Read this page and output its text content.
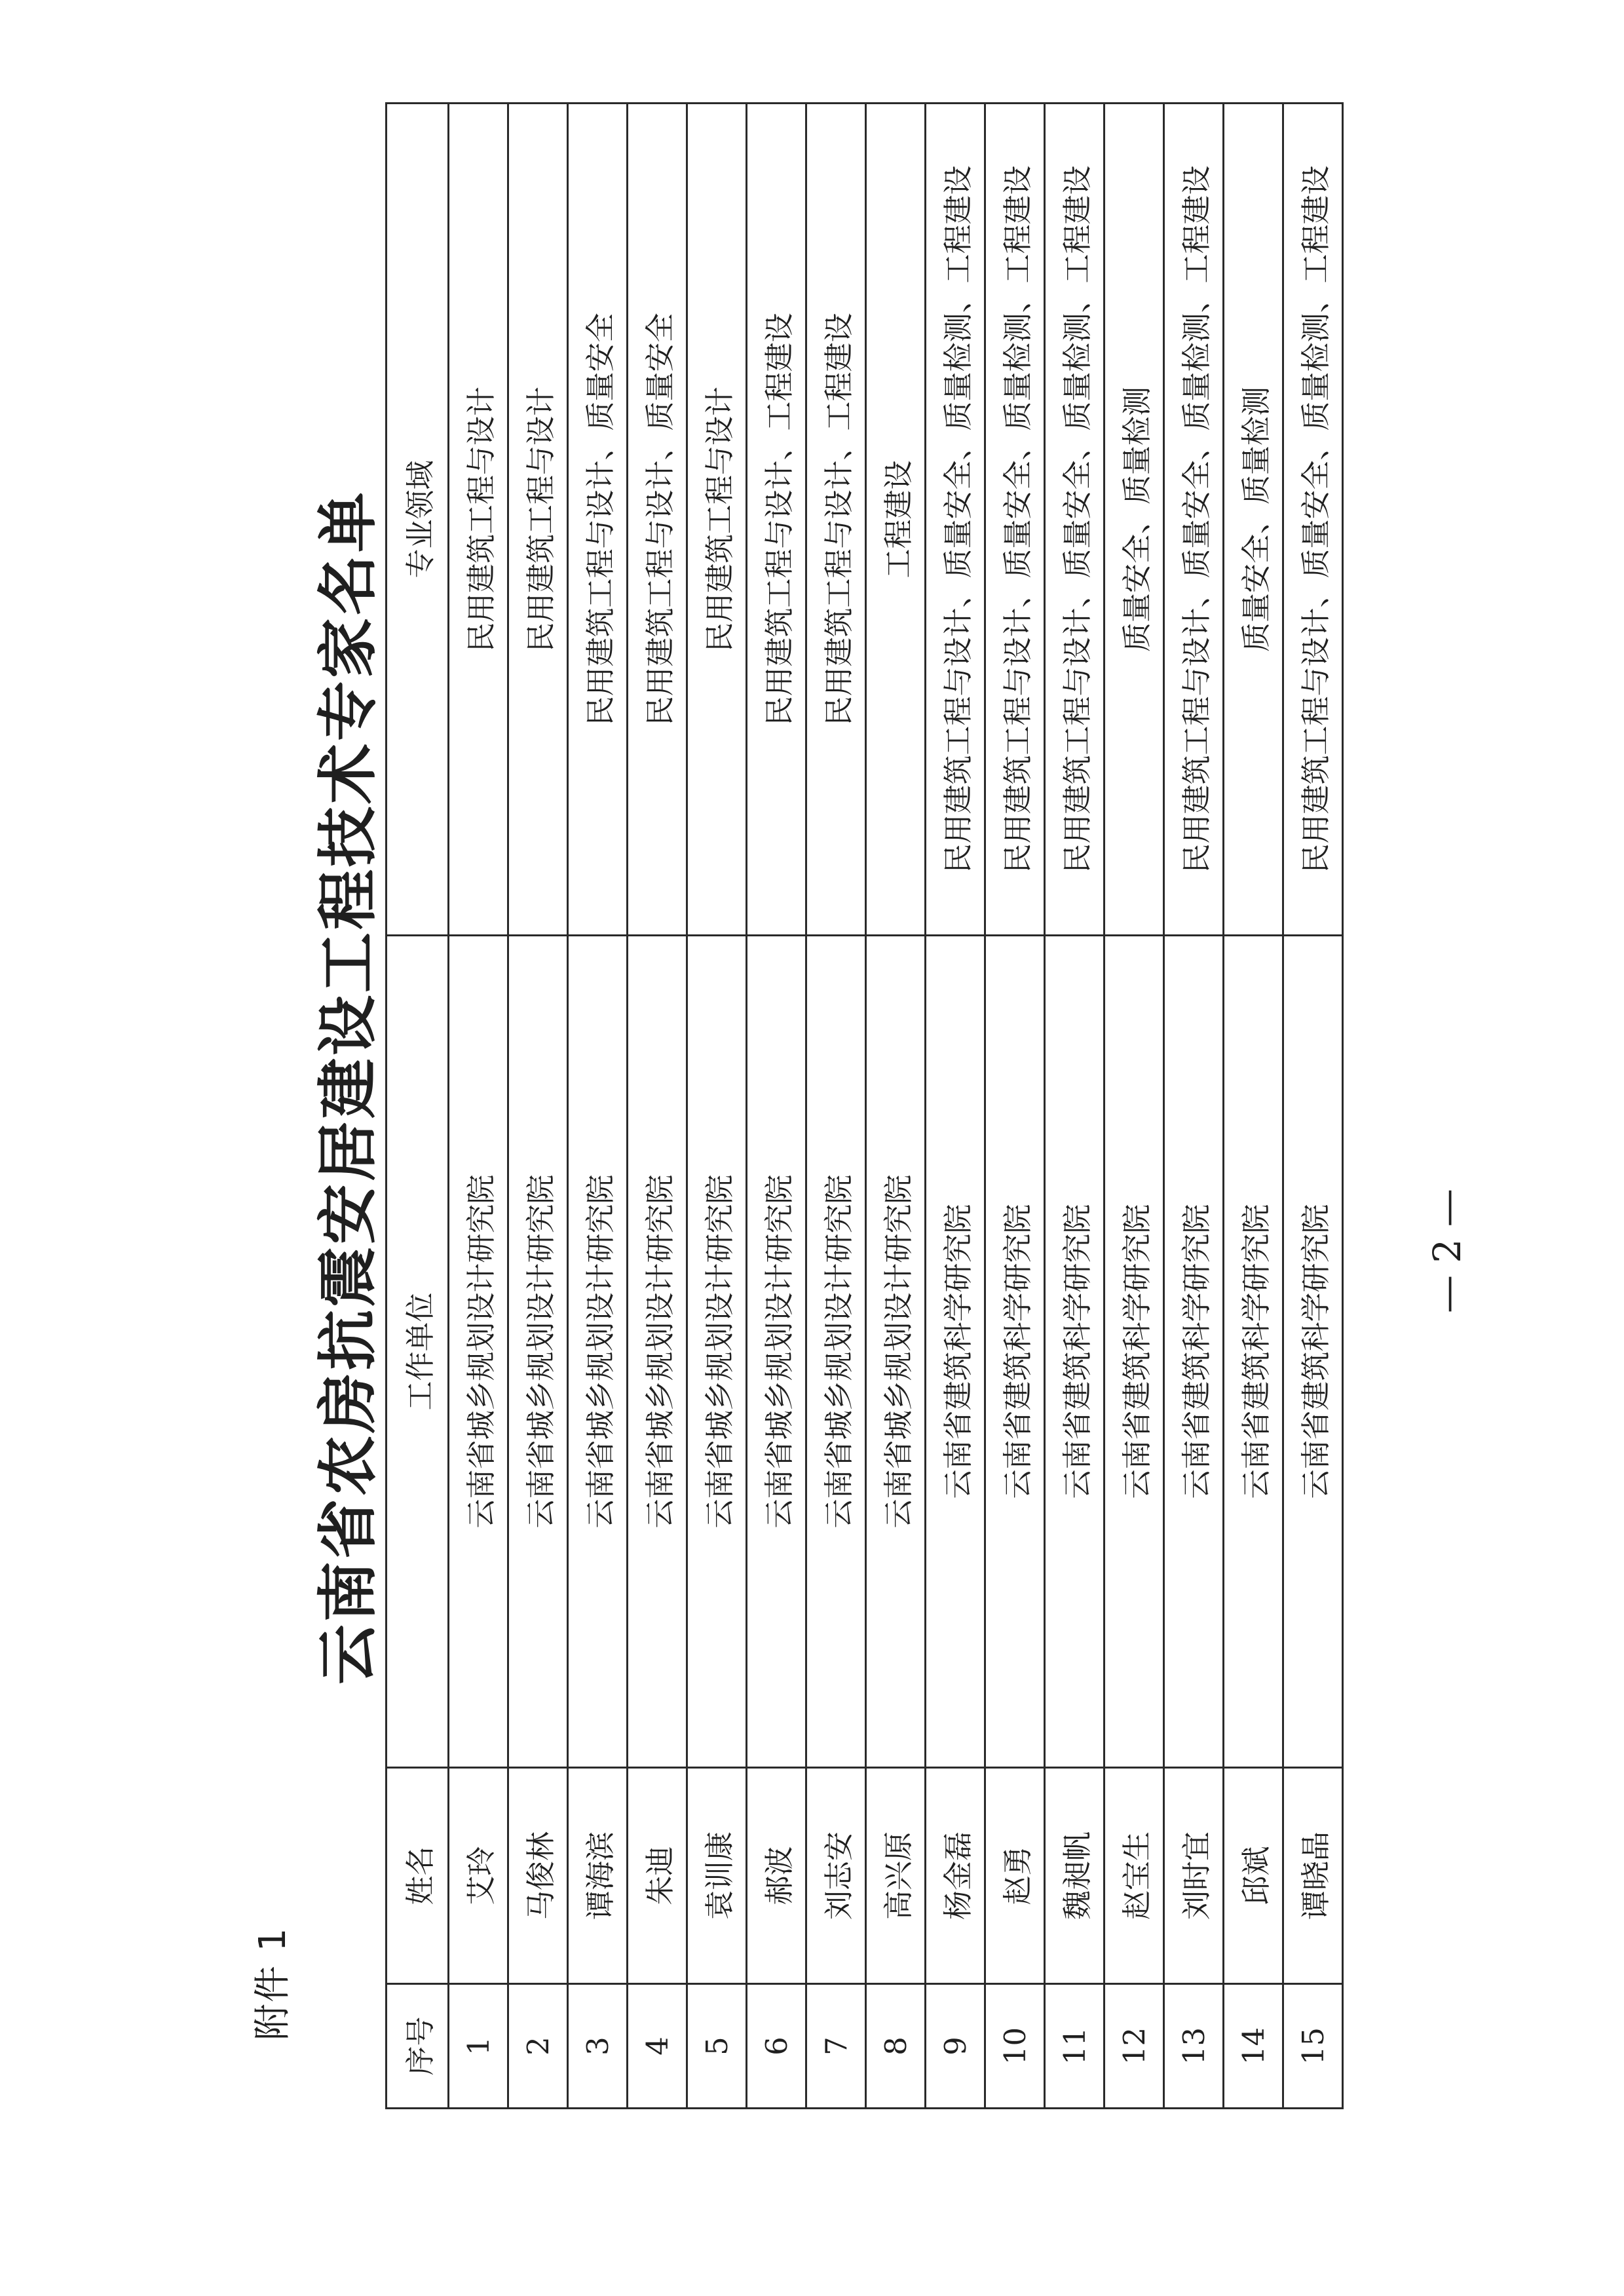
附件 1
云南省农房抗震安居建设工程技术专家名单
序号	姓名	工作单位	专业领域
1	艾玲	云南省城乡规划设计研究院	民用建筑工程与设计
2	马俊林	云南省城乡规划设计研究院	民用建筑工程与设计
3	谭海滨	云南省城乡规划设计研究院	民用建筑工程与设计、质量安全
4	朱迪	云南省城乡规划设计研究院	民用建筑工程与设计、质量安全
5	袁训康	云南省城乡规划设计研究院	民用建筑工程与设计
6	郝波	云南省城乡规划设计研究院	民用建筑工程与设计、工程建设
7	刘志安	云南省城乡规划设计研究院	民用建筑工程与设计、工程建设
8	高兴原	云南省城乡规划设计研究院	工程建设
9	杨金磊	云南省建筑科学研究院	民用建筑工程与设计、质量安全、质量检测、工程建设
10	赵勇	云南省建筑科学研究院	民用建筑工程与设计、质量安全、质量检测、工程建设
11	魏昶帆	云南省建筑科学研究院	民用建筑工程与设计、质量安全、质量检测、工程建设
12	赵宝生	云南省建筑科学研究院	质量安全、质量检测
13	刘时宜	云南省建筑科学研究院	民用建筑工程与设计、质量安全、质量检测、工程建设
14	邱斌	云南省建筑科学研究院	质量安全、质量检测
15	谭晓晶	云南省建筑科学研究院	民用建筑工程与设计、质量安全、质量检测、工程建设
— 2 —
